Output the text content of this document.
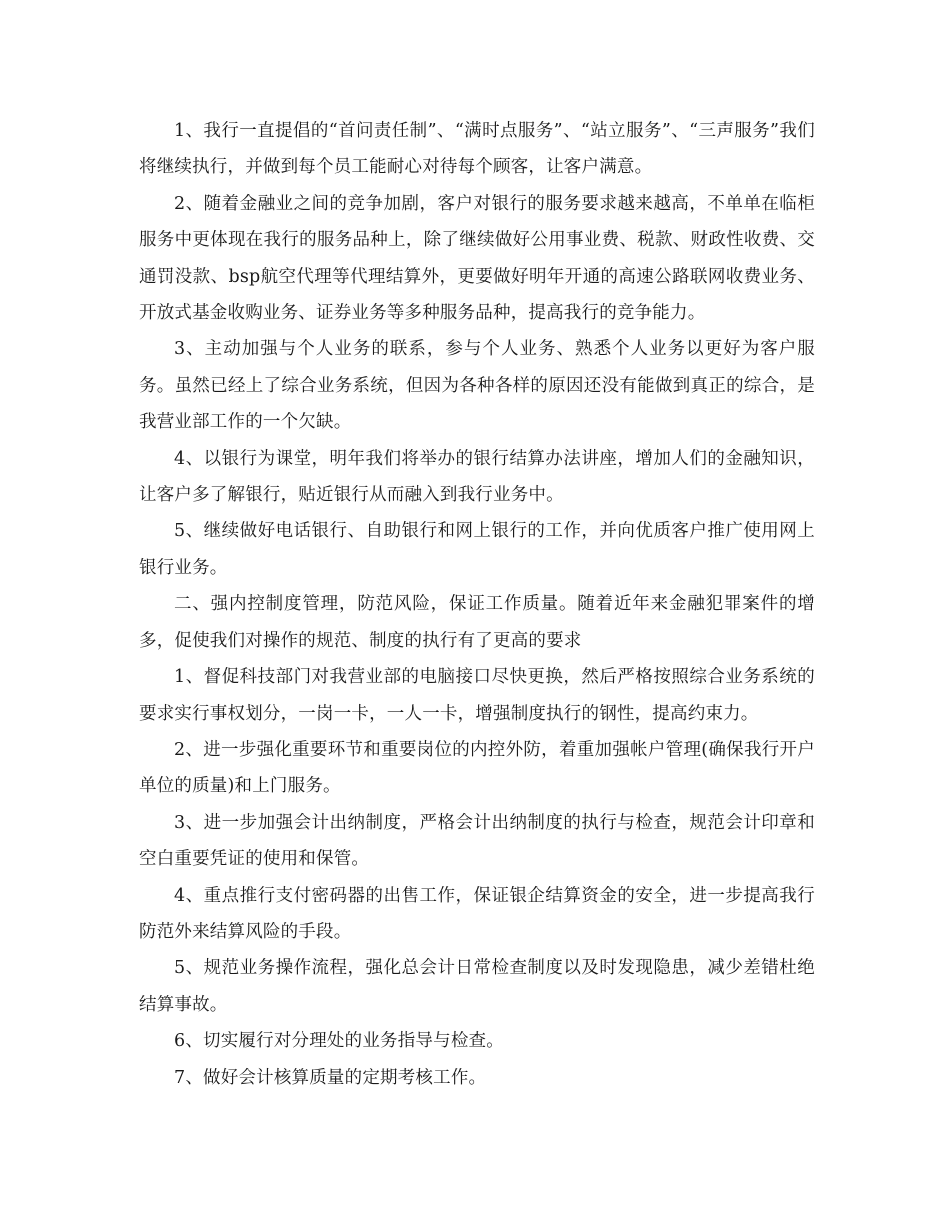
1、我行一直提倡的“首问责任制”、“满时点服务”、“站立服务”、“三声服务”我们将继续执行，并做到每个员工能耐心对待每个顾客，让客户满意。

2、随着金融业之间的竞争加剧，客户对银行的服务要求越来越高，不单单在临柜服务中更体现在我行的服务品种上，除了继续做好公用事业费、税款、财政性收费、交通罚没款、bsp航空代理等代理结算外，更要做好明年开通的高速公路联网收费业务、开放式基金收购业务、证券业务等多种服务品种，提高我行的竞争能力。

3、主动加强与个人业务的联系，参与个人业务、熟悉个人业务以更好为客户服务。虽然已经上了综合业务系统，但因为各种各样的原因还没有能做到真正的综合，是我营业部工作的一个欠缺。

4、以银行为课堂，明年我们将举办的银行结算办法讲座，增加人们的金融知识，让客户多了解银行，贴近银行从而融入到我行业务中。

5、继续做好电话银行、自助银行和网上银行的工作，并向优质客户推广使用网上银行业务。

二、强内控制度管理，防范风险，保证工作质量。随着近年来金融犯罪案件的增多，促使我们对操作的规范、制度的执行有了更高的要求

1、督促科技部门对我营业部的电脑接口尽快更换，然后严格按照综合业务系统的要求实行事权划分，一岗一卡，一人一卡，增强制度执行的钢性，提高约束力。

2、进一步强化重要环节和重要岗位的内控外防，着重加强帐户管理(确保我行开户单位的质量)和上门服务。

3、进一步加强会计出纳制度，严格会计出纳制度的执行与检查，规范会计印章和空白重要凭证的使用和保管。

4、重点推行支付密码器的出售工作，保证银企结算资金的安全，进一步提高我行防范外来结算风险的手段。

5、规范业务操作流程，强化总会计日常检查制度以及时发现隐患，减少差错杜绝结算事故。

6、切实履行对分理处的业务指导与检查。

7、做好会计核算质量的定期考核工作。
